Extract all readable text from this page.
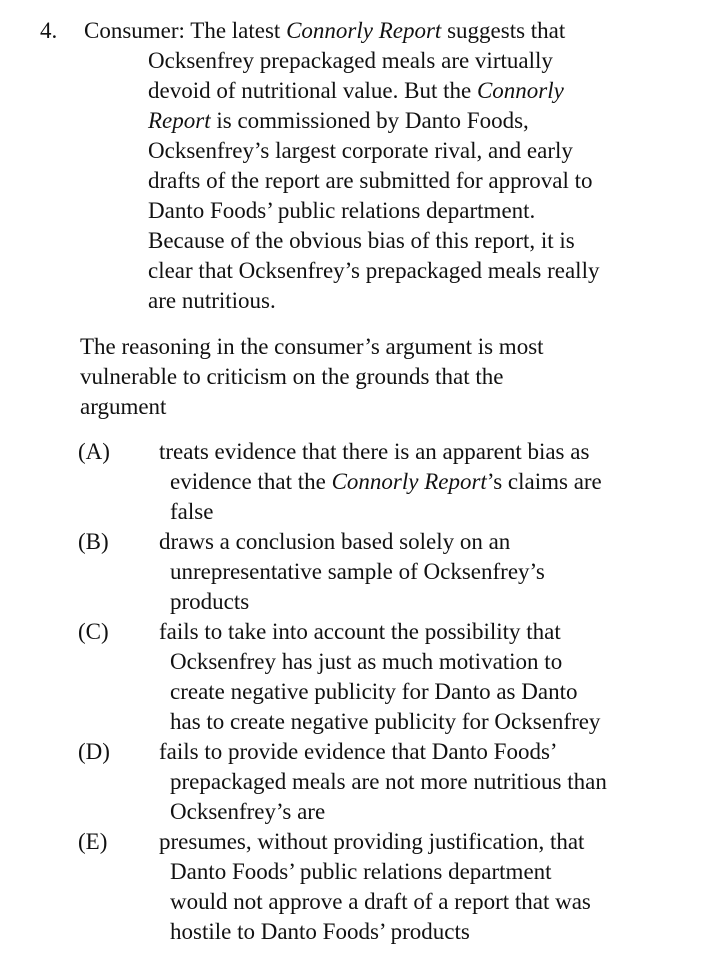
4. Consumer: The latest Connorly Report suggests that
Ocksenfrey prepackaged meals are virtually
devoid of nutritional value. But the Connorly
Report is commissioned by Danto Foods,
Ocksenfrey’s largest corporate rival, and early
drafts of the report are submitted for approval to
Danto Foods’ public relations department.
Because of the obvious bias of this report, it is
clear that Ocksenfrey’s prepackaged meals really
are nutritious.
The reasoning in the consumer’s argument is most
vulnerable to criticism on the grounds that the
argument
(A) treats evidence that there is an apparent bias as
evidence that the Connorly Report’s claims are
false
(B) draws a conclusion based solely on an
unrepresentative sample of Ocksenfrey’s
products
(C) fails to take into account the possibility that
Ocksenfrey has just as much motivation to
create negative publicity for Danto as Danto
has to create negative publicity for Ocksenfrey
(D) fails to provide evidence that Danto Foods’
prepackaged meals are not more nutritious than
Ocksenfrey’s are
(E) presumes, without providing justification, that
Danto Foods’ public relations department
would not approve a draft of a report that was
hostile to Danto Foods’ products
